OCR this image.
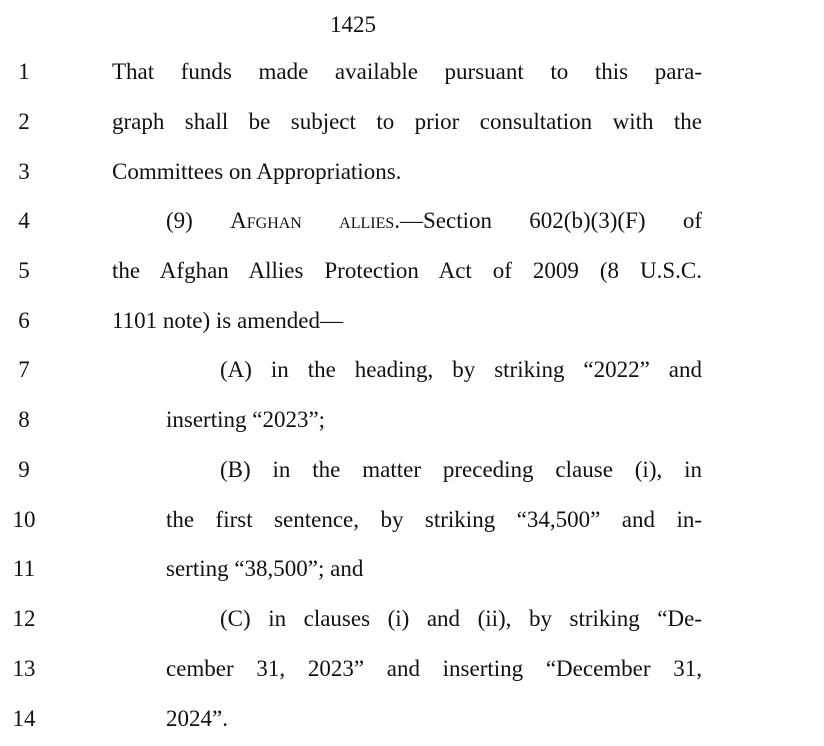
1425
1	That funds made available pursuant to this para-
2	graph shall be subject to prior consultation with the
3	Committees on Appropriations.
4	(9) Afghan allies.—Section 602(b)(3)(F) of
5	the Afghan Allies Protection Act of 2009 (8 U.S.C.
6	1101 note) is amended—
7	(A) in the heading, by striking “2022” and
8	inserting “2023”;
9	(B) in the matter preceding clause (i), in
10	the first sentence, by striking “34,500” and in-
11	serting “38,500”; and
12	(C) in clauses (i) and (ii), by striking “De-
13	cember 31, 2023” and inserting “December 31,
14	2024”.
